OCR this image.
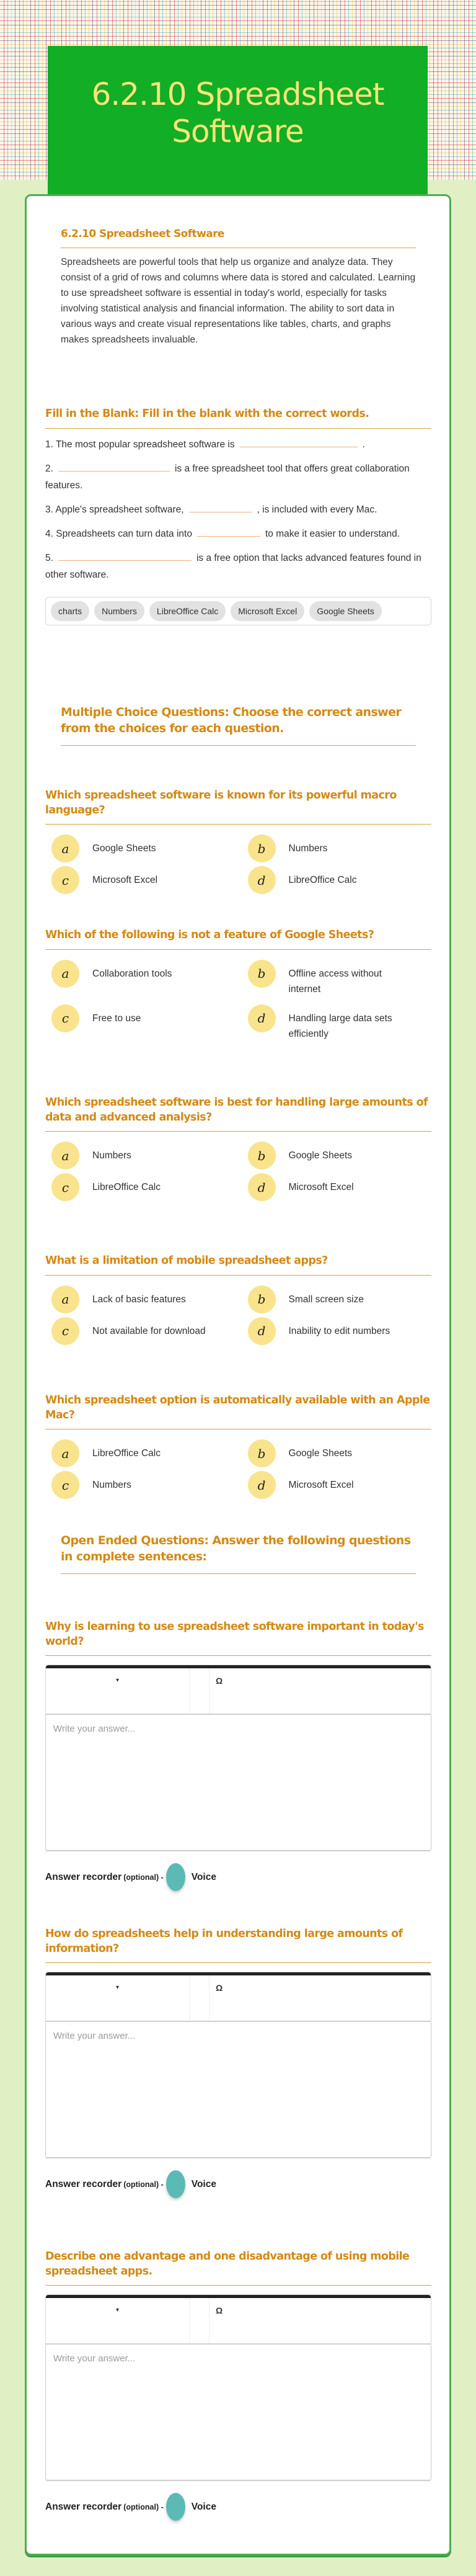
6.2.10 Spreadsheet Software
6.2.10 Spreadsheet Software

Spreadsheets are powerful tools that help us organize and analyze data. They consist of a grid of rows and columns where data is stored and calculated. Learning to use spreadsheet software is essential in today's world, especially for tasks involving statistical analysis and financial information. The ability to sort data in various ways and create visual representations like tables, charts, and graphs makes spreadsheets invaluable.

Fill in the Blank: Fill in the blank with the correct words.
1. The most popular spreadsheet software is	.
2.	is a free spreadsheet tool that offers great collaboration features.
3. Apple's spreadsheet software,	, is included with every Mac.
4. Spreadsheets can turn data into	to make it easier to understand.
5.	is a free option that lacks advanced features found in other software.
charts	Numbers	LibreOffice Calc	Microsoft Excel	Google Sheets
Multiple Choice Questions: Choose the correct answer from the choices for each question.
Which spreadsheet software is known for its powerful macro language?
a	Google Sheets	b	Numbers
c	Microsoft Excel	d	LibreOffice Calc
Which of the following is not a feature of Google Sheets?
a	Collaboration tools	b	Offline access without internet
c	Free to use	d	Handling large data sets efficiently
Which spreadsheet software is best for handling large amounts of data and advanced analysis?
a	Numbers	b	Google Sheets
c	LibreOffice Calc	d	Microsoft Excel
What is a limitation of mobile spreadsheet apps?
a	Lack of basic features	b	Small screen size
c	Not available for download	d	Inability to edit numbers
Which spreadsheet option is automatically available with an Apple Mac?
a	LibreOffice Calc	b	Google Sheets
c	Numbers	d	Microsoft Excel
Open Ended Questions: Answer the following questions in complete sentences:
Why is learning to use spreadsheet software important in today's world?
▾	Ω
Write your answer...
Answer recorder (optional) -	Voice
How do spreadsheets help in understanding large amounts of information?
▾	Ω
Write your answer...
Answer recorder (optional) -	Voice
Describe one advantage and one disadvantage of using mobile spreadsheet apps.
▾	Ω
Write your answer...
Answer recorder (optional) -	Voice
